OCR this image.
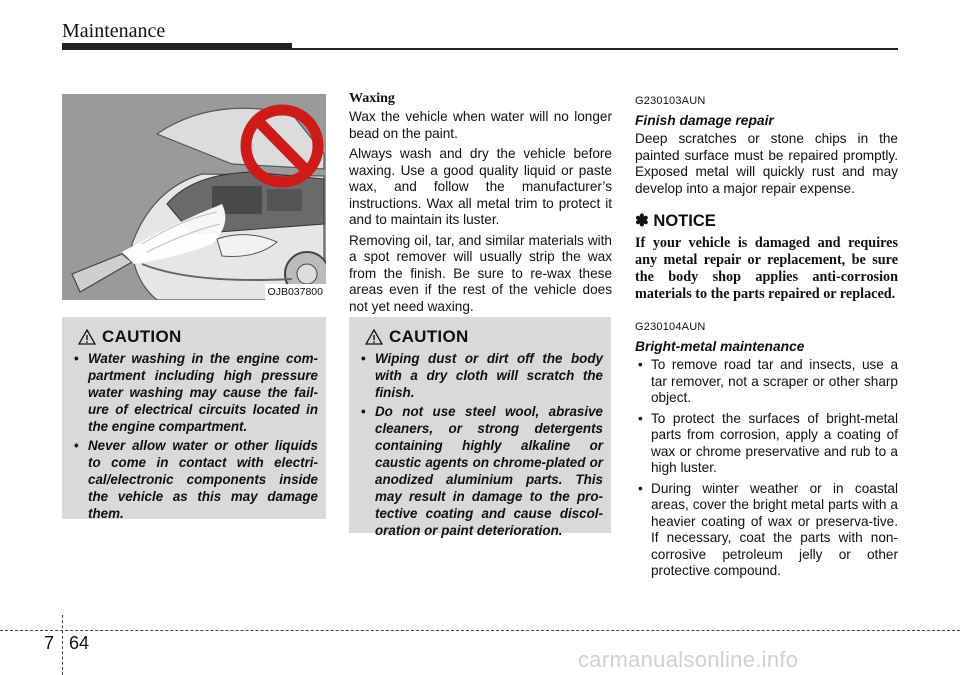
Maintenance
OJB037800
CAUTION
• Water washing in the engine com-partment including high pressure water washing may cause the fail-ure of electrical circuits located in the engine compartment.
• Never allow water or other liquids to come in contact with electri-cal/electronic components inside the vehicle as this may damage them.
Waxing

Wax the vehicle when water will no longer bead on the paint.

Always wash and dry the vehicle before waxing. Use a good quality liquid or paste wax, and follow the manufacturer’s instructions. Wax all metal trim to protect it and to maintain its luster.

Removing oil, tar, and similar materials with a spot remover will usually strip the wax from the finish. Be sure to re-wax these areas even if the rest of the vehicle does not yet need waxing.

CAUTION
• Wiping dust or dirt off the body with a dry cloth will scratch the finish.
• Do not use steel wool, abrasive cleaners, or strong detergents containing highly alkaline or caustic agents on chrome-plated or anodized aluminium parts. This may result in damage to the pro-tective coating and cause discol-oration or paint deterioration.
G230103AUN
Finish damage repair

Deep scratches or stone chips in the painted surface must be repaired promptly. Exposed metal will quickly rust and may develop into a major repair expense.

✽ NOTICE

If your vehicle is damaged and requires any metal repair or replacement, be sure the body shop applies anti-corrosion materials to the parts repaired or replaced.

G230104AUN
Bright-metal maintenance
• To remove road tar and insects, use a tar remover, not a scraper or other sharp object.
• To protect the surfaces of bright-metal parts from corrosion, apply a coating of wax or chrome preservative and rub to a high luster.
• During winter weather or in coastal areas, cover the bright metal parts with a heavier coating of wax or preserva-tive. If necessary, coat the parts with non-corrosive petroleum jelly or other protective compound.
7 64
carmanualsonline.info
